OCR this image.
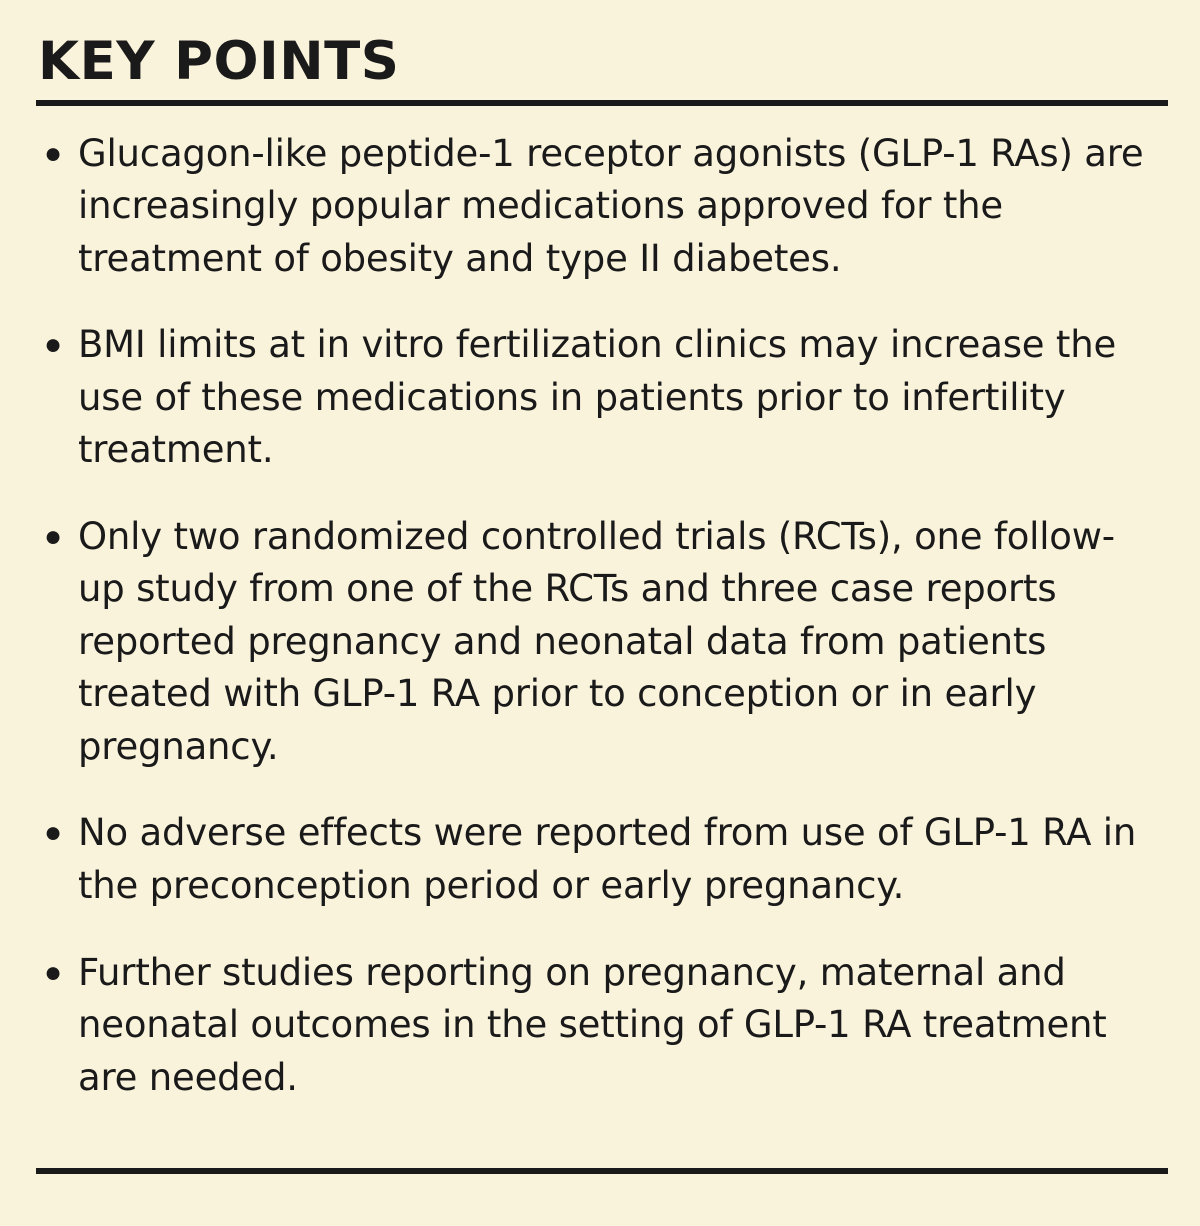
KEY POINTS
● Glucagon-like peptide-1 receptor agonists (GLP-1 RAs) are increasingly popular medications approved for the treatment of obesity and type II diabetes.
● BMI limits at in vitro fertilization clinics may increase the use of these medications in patients prior to infertility treatment.
● Only two randomized controlled trials (RCTs), one follow-up study from one of the RCTs and three case reports reported pregnancy and neonatal data from patients treated with GLP-1 RA prior to conception or in early pregnancy.
● No adverse effects were reported from use of GLP-1 RA in the preconception period or early pregnancy.
● Further studies reporting on pregnancy, maternal and neonatal outcomes in the setting of GLP-1 RA treatment are needed.
